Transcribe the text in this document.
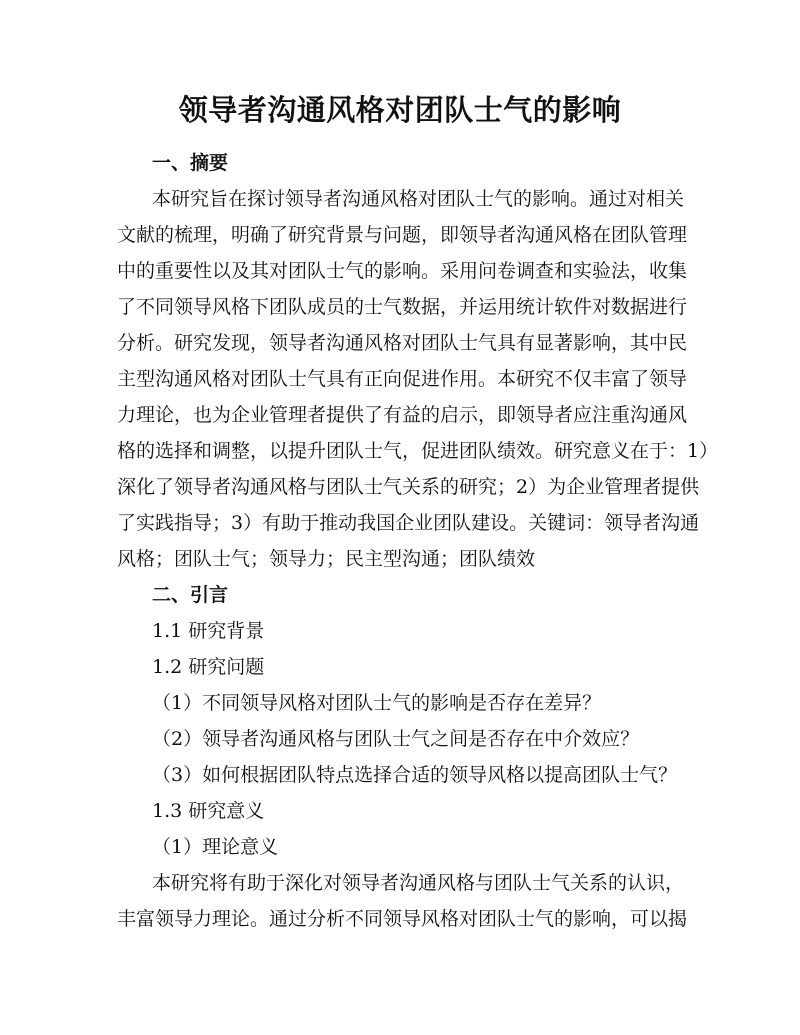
领导者沟通风格对团队士气的影响
一、摘要
本研究旨在探讨领导者沟通风格对团队士气的影响。通过对相关
文献的梳理，明确了研究背景与问题，即领导者沟通风格在团队管理
中的重要性以及其对团队士气的影响。采用问卷调查和实验法，收集
了不同领导风格下团队成员的士气数据，并运用统计软件对数据进行
分析。研究发现，领导者沟通风格对团队士气具有显著影响，其中民
主型沟通风格对团队士气具有正向促进作用。本研究不仅丰富了领导
力理论，也为企业管理者提供了有益的启示，即领导者应注重沟通风
格的选择和调整，以提升团队士气，促进团队绩效。研究意义在于：1）
深化了领导者沟通风格与团队士气关系的研究；2）为企业管理者提供
了实践指导；3）有助于推动我国企业团队建设。关键词：领导者沟通
风格；团队士气；领导力；民主型沟通；团队绩效
二、引言
1.1 研究背景
1.2 研究问题
（1）不同领导风格对团队士气的影响是否存在差异？
（2）领导者沟通风格与团队士气之间是否存在中介效应？
（3）如何根据团队特点选择合适的领导风格以提高团队士气？
1.3 研究意义
（1）理论意义
本研究将有助于深化对领导者沟通风格与团队士气关系的认识，
丰富领导力理论。通过分析不同领导风格对团队士气的影响，可以揭
